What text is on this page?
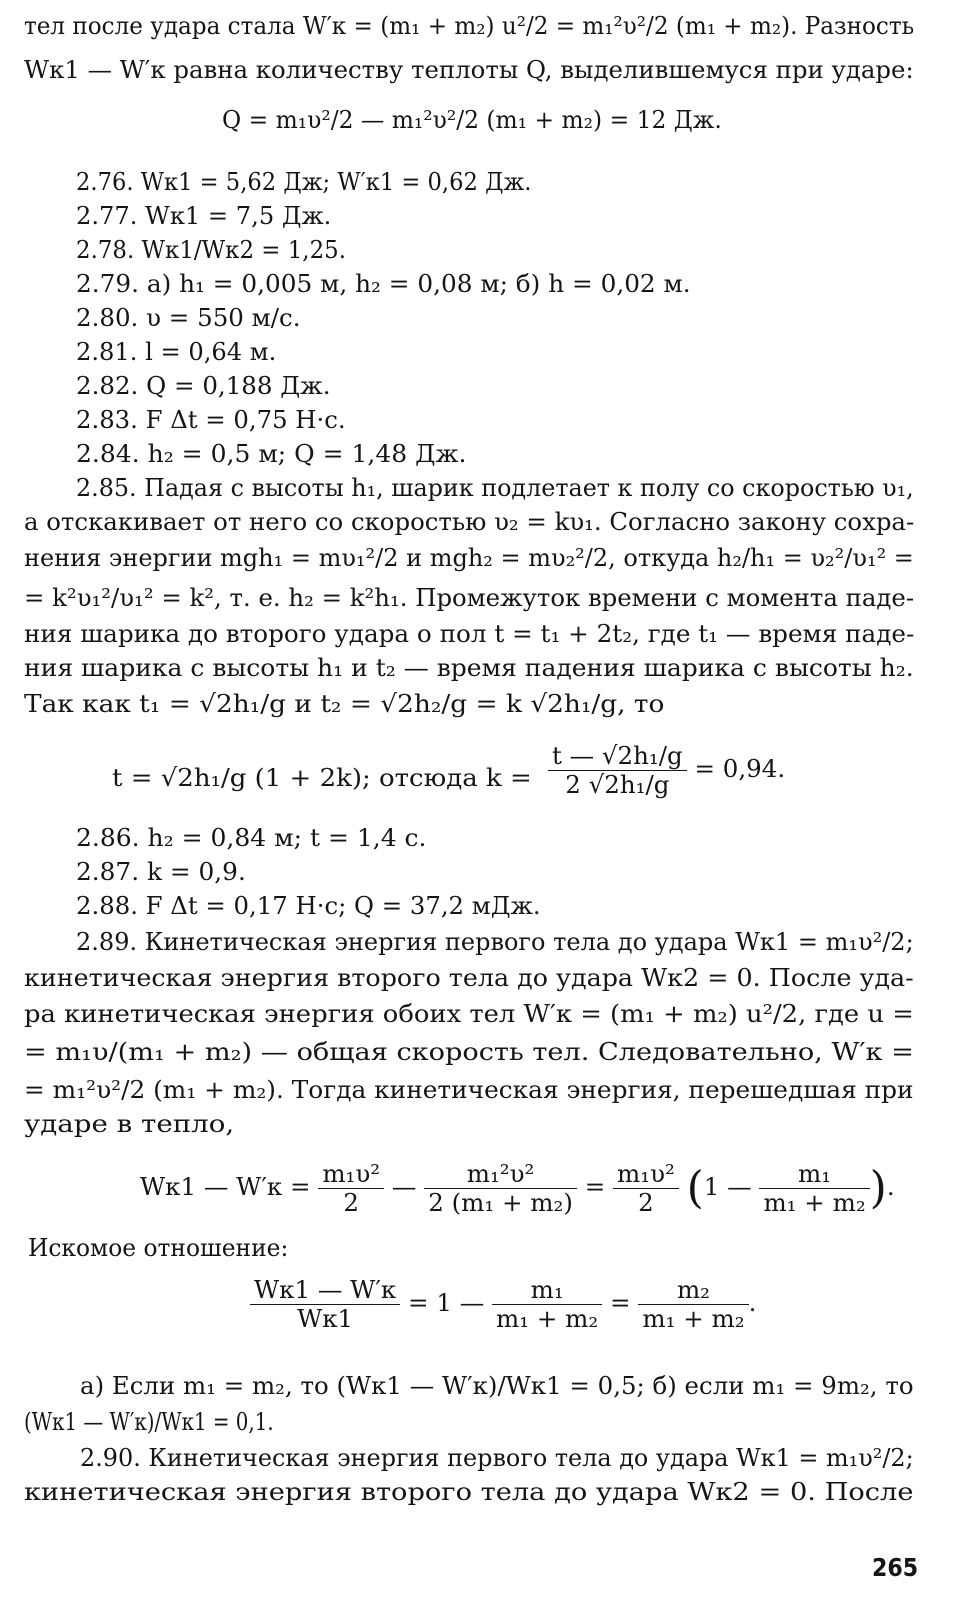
тел после удара стала W′к = (m₁ + m₂) u²/2 = m₁²υ²/2 (m₁ + m₂). Разность
Wк1 — W′к равна количеству теплоты Q, выделившемуся при ударе:
Q = m₁υ²/2 — m₁²υ²/2 (m₁ + m₂) = 12 Дж.
2.76. Wк1 = 5,62 Дж; W′к1 = 0,62 Дж.
2.77. Wк1 = 7,5 Дж.
2.78. Wк1/Wк2 = 1,25.
2.79. а) h₁ = 0,005 м, h₂ = 0,08 м; б) h = 0,02 м.
2.80. υ = 550 м/с.
2.81. l = 0,64 м.
2.82. Q = 0,188 Дж.
2.83. F Δt = 0,75 Н·с.
2.84. h₂ = 0,5 м; Q = 1,48 Дж.
2.85. Падая с высоты h₁, шарик подлетает к полу со скоростью υ₁,
а отскакивает от него со скоростью υ₂ = kυ₁. Согласно закону сохра-
нения энергии mgh₁ = mυ₁²/2 и mgh₂ = mυ₂²/2, откуда h₂/h₁ = υ₂²/υ₁² =
= k²υ₁²/υ₁² = k², т. е. h₂ = k²h₁. Промежуток времени с момента паде-
ния шарика до второго удара о пол t = t₁ + 2t₂, где t₁ — время паде-
ния шарика с высоты h₁ и t₂ — время падения шарика с высоты h₂.
Так как t₁ = √2h₁/g и t₂ = √2h₂/g = k √2h₁/g, то
t = √2h₁/g (1 + 2k); отсюда $k = \frac{\text{t — √2h₁/g}}{\text{2 √2h₁/g}} = 0,94$.
2.86. h₂ = 0,84 м; t = 1,4 с.
2.87. k = 0,9.
2.88. F Δt = 0,17 Н·с; Q = 37,2 мДж.
2.89. Кинетическая энергия первого тела до удара Wк1 = m₁υ²/2;
кинетическая энергия второго тела до удара Wк2 = 0. После уда-
ра кинетическая энергия обоих тел W′к = (m₁ + m₂) u²/2, где u =
= m₁υ/(m₁ + m₂) — общая скорость тел. Следовательно, W′к =
= m₁²υ²/2 (m₁ + m₂). Тогда кинетическая энергия, перешедшая при
ударе в тепло,
Wк1 — $W'к = \frac{\text{m₁υ²}}{2}$ — $\frac{\text{m₁²υ²}}{\text{2 (m₁ + m₂)}} = \frac{\text{m₁υ²}}{2} (1$ — $\frac{\text{m₁}}{\text{m₁ + m₂}}$ ).
Искомое отношение:
$\frac{Wк1 — W'к}{Wк1} = 1$ — $\frac{\text{m₁}}{\text{m₁ + m₂}} = \frac{\text{m₂}}{\text{m₁ + m₂}}$ .
а) Если m₁ = m₂, то (Wк1 — W′к)/Wк1 = 0,5; б) если m₁ = 9m₂, то
(Wк1 — W′к)/Wк1 = 0,1.
2.90. Кинетическая энергия первого тела до удара Wк1 = m₁υ²/2;
кинетическая энергия второго тела до удара Wк2 = 0. После
265
